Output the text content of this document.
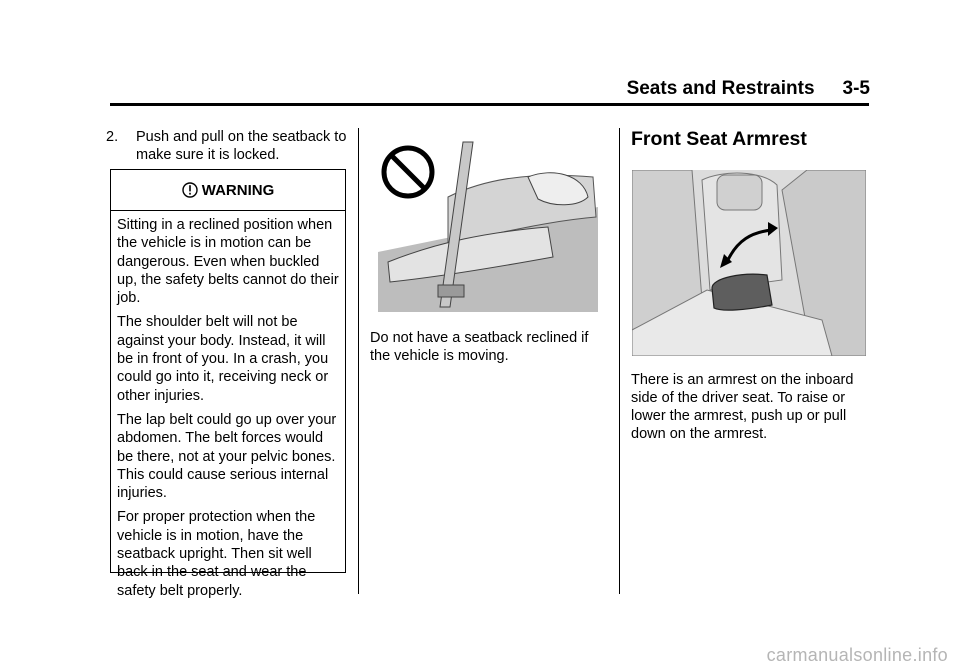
Seats and Restraints 3-5
2.	Push and pull on the seatback to make sure it is locked.
WARNING

Sitting in a reclined position when the vehicle is in motion can be dangerous. Even when buckled up, the safety belts cannot do their job.

The shoulder belt will not be against your body. Instead, it will be in front of you. In a crash, you could go into it, receiving neck or other injuries.

The lap belt could go up over your abdomen. The belt forces would be there, not at your pelvic bones. This could cause serious internal injuries.

For proper protection when the vehicle is in motion, have the seatback upright. Then sit well back in the seat and wear the safety belt properly.

Do not have a seatback reclined if the vehicle is moving.
Front Seat Armrest
There is an armrest on the inboard side of the driver seat. To raise or lower the armrest, push up or pull down on the armrest.
carmanualsonline.info
